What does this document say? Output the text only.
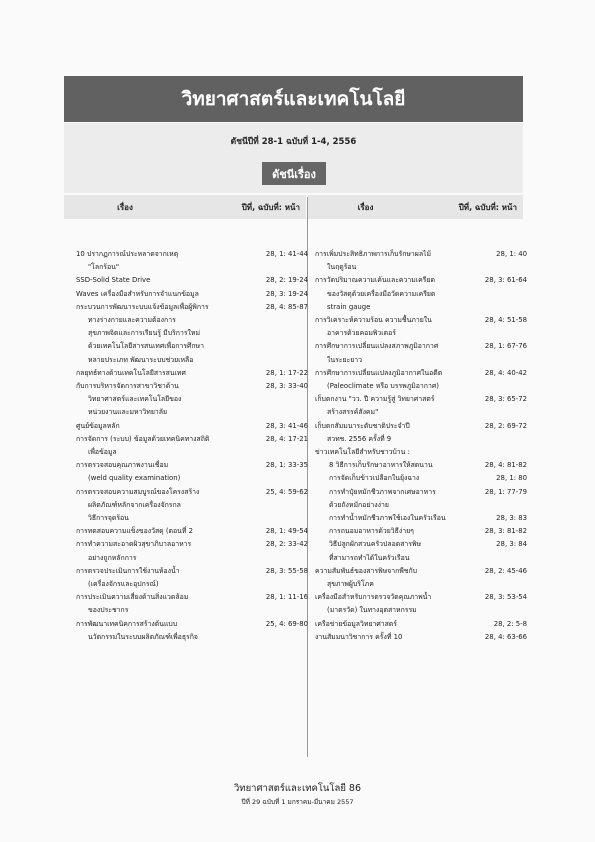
วิทยาศาสตร์และเทคโนโลยี
ดัชนีปีที่ 28-1 ฉบับที่ 1-4, 2556
ดัชนีเรื่อง
เรื่อง	ปีที่, ฉบับที่: หน้า	เรื่อง	ปีที่, ฉบับที่: หน้า
10 ปรากฏการณ์ประหลาดจากเหตุ	28, 1: 41-44
"โลกร้อน"
SSD-Solid State Drive	28, 2: 19-24
Waves เครื่องมือสำหรับการจำแนกข้อมูล	28, 3: 19-24
กระบวนการพัฒนาระบบแจ้งข้อมูลเพื่อผู้พิการ	28, 4: 85-87
ทางร่างกายและความต้องการ
สุขภาพจิตและการเรียนรู้ มีบริการใหม่
ด้วยเทคโนโลยีสารสนเทศเพื่อการศึกษา
หลายประเภท พัฒนาระบบช่วยเหลือ
กลยุทธ์ทางด้านเทคโนโลยีสารสนเทศ	28, 1: 17-22
กับการบริหารจัดการสาขาวิชาด้าน	28, 3: 33-40
วิทยาศาสตร์และเทคโนโลยีของ
หน่วยงานและมหาวิทยาลัย
ศูนย์ข้อมูลหลัก	28, 3: 41-46
การจัดการ (ระบบ) ข้อมูลด้วยเทคนิคทางสถิติ	28, 4: 17-21
เพื่อข้อมูล
การตรวจสอบคุณภาพงานเชื่อม	28, 1: 33-35
(weld quality examination)
การตรวจสอบความสมบูรณ์ของโครงสร้าง	25, 4: 59-62
ผลิตภัณฑ์หลักจากเครื่องจักรกล
วิธีการจุดร้อน
การทดสอบความแข็งของวัสดุ (ตอนที่ 2	28, 1: 49-54
การทำความสะอาดผิวสุขาภิบาลอาหาร	28, 2: 33-42
อย่างถูกหลักการ
การตรวจประเมินการใช้งานห้องน้ำ	28, 3: 55-58
(เครื่องจักรและอุปกรณ์)
การประเมินความเสี่ยงด้านสิ่งแวดล้อม	28, 1: 11-16
ของประชากร
การพัฒนาเทคนิคการสร้างต้นแบบ	25, 4: 69-80
นวัตกรรมในระบบผลิตภัณฑ์เพื่อธุรกิจ
การเพิ่มประสิทธิภาพการเก็บรักษาผลไม้	28, 1: 40
ในฤดูร้อน
การวัดปริมาณความเค้นและความเครียด	28, 3: 61-64
ของวัสดุด้วยเครื่องมือวัดความเครียด
strain gauge
การวิเคราะห์ความร้อน ความชื้นภายใน	28, 4: 51-58
อาคารด้วยคอมพิวเตอร์
การศึกษาการเปลี่ยนแปลงสภาพภูมิอากาศ	28, 1: 67-76
ในระยะยาว
การศึกษาการเปลี่ยนแปลงภูมิอากาศในอดีต	28, 4: 40-42
(Paleoclimate หรือ บรรพภูมิอากาศ)
เก็บตกงาน "วว. ปี ความรู้สู่ วิทยาศาสตร์	28, 3: 65-72
สร้างสรรค์สังคม"
เก็บตกสัมมนาระดับชาติประจำปี	28, 2: 69-72
สวทช. 2556 ครั้งที่ 9
ข่าวเทคโนโลยีสำหรับชาวบ้าน :
8 วิธีการเก็บรักษาอาหารให้สดนาน	28, 4: 81-82
การจัดเก็บข้าวเปลือกในยุ้งฉาง	28, 1: 80
การทำปุ๋ยหมักชีวภาพจากเศษอาหาร	28, 1: 77-79
ด้วยถังหมักอย่างง่าย
การทำน้ำหมักชีวภาพใช้เองในครัวเรือน	28, 3: 83
การถนอมอาหารด้วยวิธีง่ายๆ	28, 3: 81-82
วิธีปลูกผักสวนครัวปลอดสารพิษ	28, 3: 84
ที่สามารถทำได้ในครัวเรือน
ความสัมพันธ์ของสารพิษจากพืชกับ	28, 2: 45-46
สุขภาพผู้บริโภค
เครื่องมือสำหรับการตรวจวัดคุณภาพน้ำ	28, 3: 53-54
(มาตรวัด) ในทางอุตสาหกรรม
เครือข่ายข้อมูลวิทยาศาสตร์	28, 2: 5-8
งานสัมมนาวิชาการ ครั้งที่ 10	28, 4: 63-66
วิทยาศาสตร์และเทคโนโลยี 86
ปีที่ 29 ฉบับที่ 1 มกราคม-มีนาคม 2557
